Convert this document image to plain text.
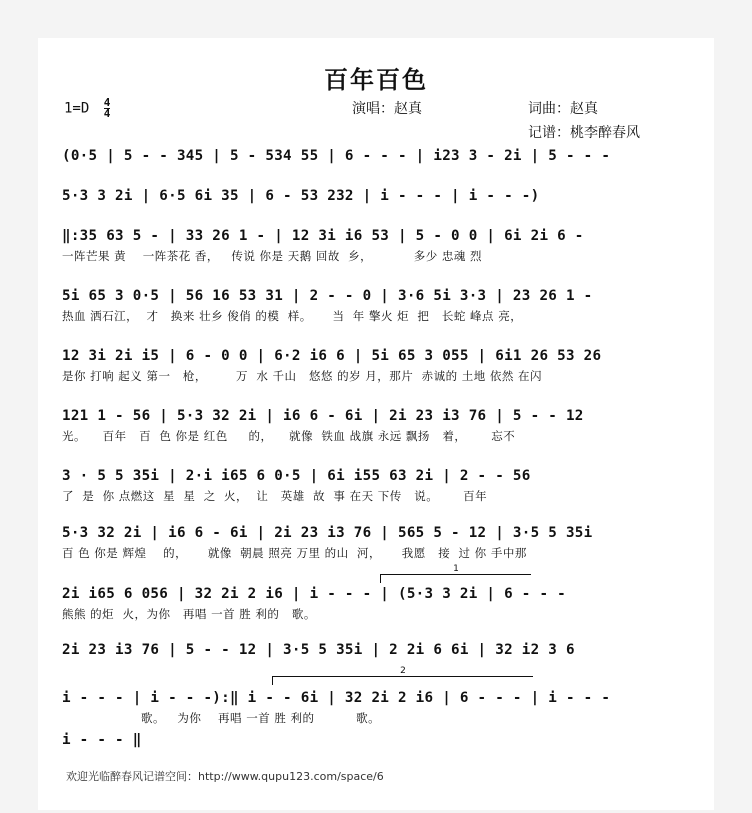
百年百色
$1=D \frac{4}{4}$	演唱：赵真	词曲：赵真
记谱：桃李醉春风
(0·5 | 5 - - 345 | 5 - 534 55 | 6 - - - | i23 3 - 2i | 5 - - -
5·3 3 2i | 6·5 6i 35 | 6 - 53 232 | i - - - | i - - -)
‖:35 63 5 - | 33 26 1 - | 12 3i i6 53 | 5 - 0 0 | 6i 2i 6 -
一阵芒果 黄    一阵茶花 香，   传说 你是 天鹅 回故  乡，          多少 忠魂 烈
5i 65 3 0·5 | 56 16 53 31 | 2 - - 0 | 3·6 5i 3·3 | 23 26 1 -
热血 洒石江，  才   换来 壮乡 俊俏 的模  样。     当  年 擎火 炬  把   长蛇 峰点 亮，
12 3i 2i i5 | 6 - 0 0 | 6·2 i6 6 | 5i 65 3 055 | 6i1 26 53 26
是你 打响 起义 第一   枪，       万  水 千山   悠悠 的岁 月，那片  赤诚的 土地 依然 在闪
121 1 - 56 | 5·3 32 2i | i6 6 - 6i | 2i 23 i3 76 | 5 - - 12
光。    百年   百  色 你是 红色     的，    就像  铁血 战旗 永远 飘扬   着，      忘不
3 · 5 5 35i | 2·i i65 6 0·5 | 6i i55 63 2i | 2 - - 56
了  是  你 点燃这  星  星  之  火，  让   英雄  故  事 在天 下传   说。      百年
5·3 32 2i | i6 6 - 6i | 2i 23 i3 76 | 565 5 - 12 | 3·5 5 35i
百 色 你是 辉煌    的，     就像  朝晨 照亮 万里 的山  河，     我愿   接  过 你 手中那
1
2i i65 6 056 | 32 2i 2 i6 | i - - - | (5·3 3 2i | 6 - - -
熊熊 的炬  火，为你   再唱 一首 胜 利的   歌。
2i 23 i3 76 | 5 - - 12 | 3·5 5 35i | 2 2i 6 6i | 32 i2 3 6
2
i - - - | i - - -):‖ i - - 6i | 32 2i 2 i6 | 6 - - - | i - - -
歌。   为你    再唱 一首 胜 利的          歌。
i - - - ‖
欢迎光临醉春风记谱空间：http://www.qupu123.com/space/6
